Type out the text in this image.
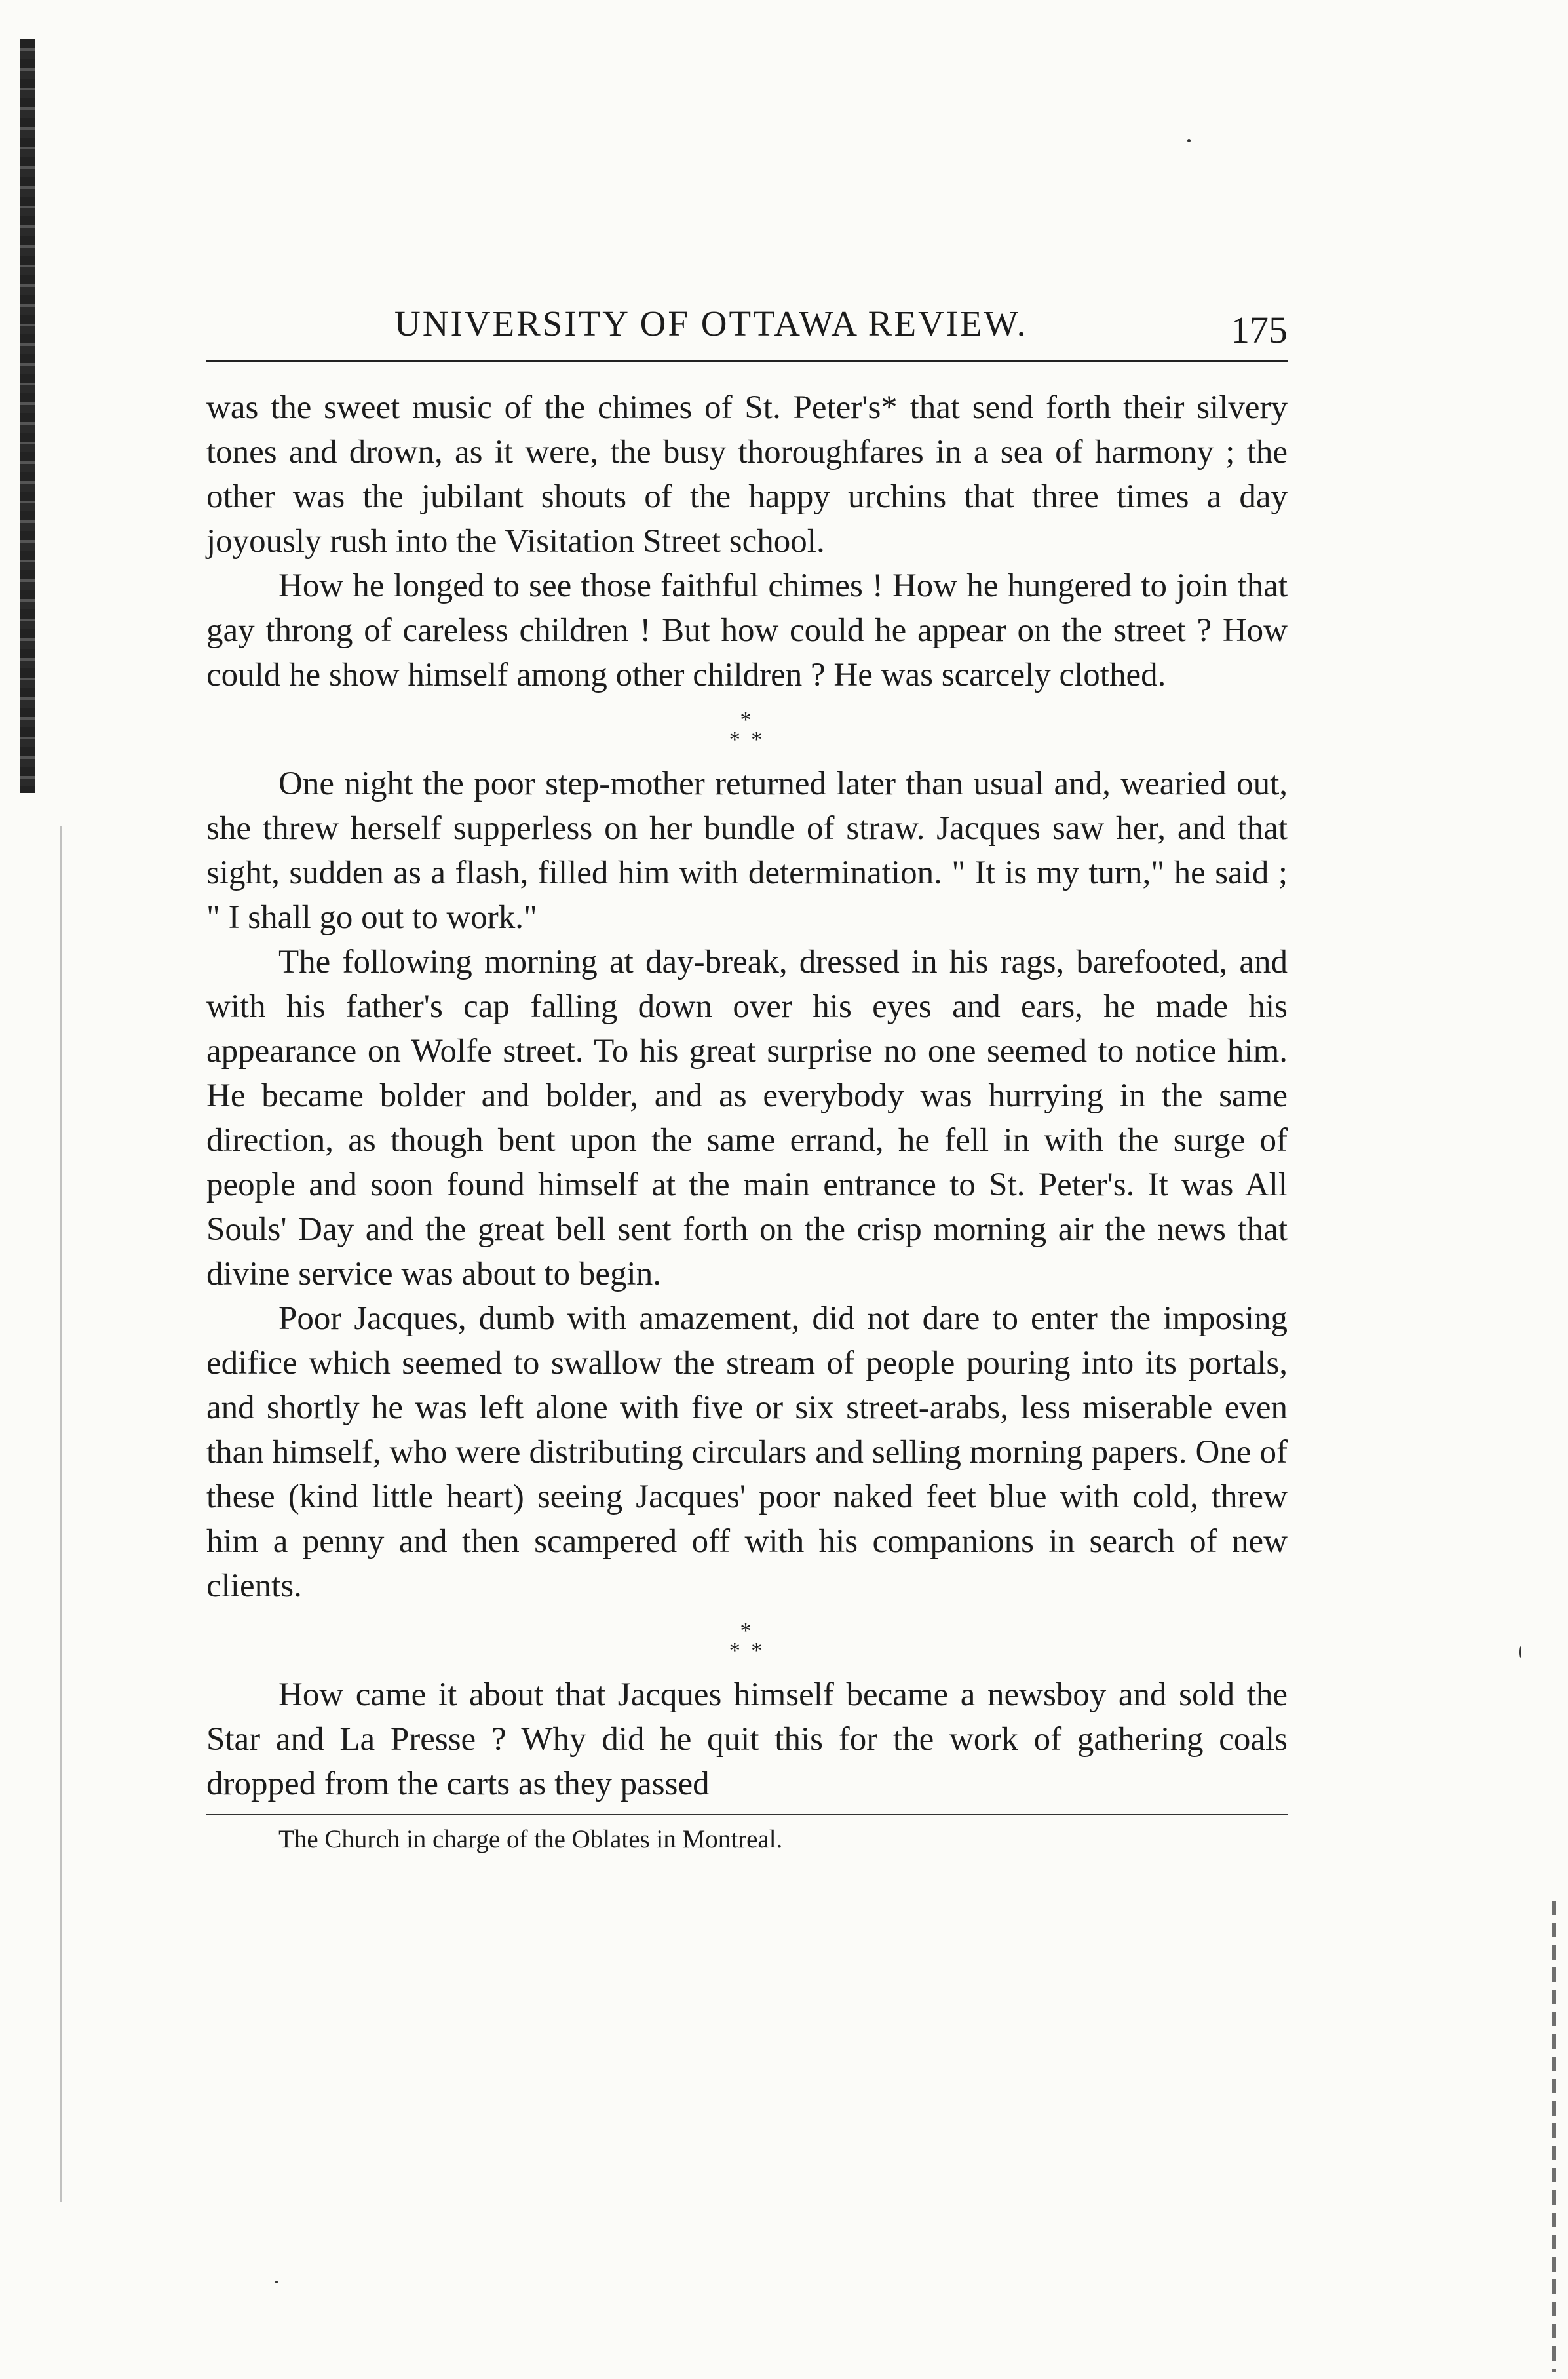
UNIVERSITY OF OTTAWA REVIEW.	175

was the sweet music of the chimes of St. Peter's* that send forth their silvery tones and drown, as it were, the busy thoroughfares in a sea of harmony ; the other was the jubilant shouts of the happy urchins that three times a day joyously rush into the Visitation Street school.

How he longed to see those faithful chimes ! How he hungered to join that gay throng of careless children ! But how could he appear on the street ? How could he show himself among other children ? He was scarcely clothed.

*
* *

One night the poor step-mother returned later than usual and, wearied out, she threw herself supperless on her bundle of straw. Jacques saw her, and that sight, sudden as a flash, filled him with determination. " It is my turn," he said ; " I shall go out to work."

The following morning at day-break, dressed in his rags, barefooted, and with his father's cap falling down over his eyes and ears, he made his appearance on Wolfe street. To his great surprise no one seemed to notice him. He became bolder and bolder, and as everybody was hurrying in the same direction, as though bent upon the same errand, he fell in with the surge of people and soon found himself at the main entrance to St. Peter's. It was All Souls' Day and the great bell sent forth on the crisp morning air the news that divine service was about to begin.

Poor Jacques, dumb with amazement, did not dare to enter the imposing edifice which seemed to swallow the stream of people pouring into its portals, and shortly he was left alone with five or six street-arabs, less miserable even than himself, who were distributing circulars and selling morning papers. One of these (kind little heart) seeing Jacques' poor naked feet blue with cold, threw him a penny and then scampered off with his companions in search of new clients.

*
* *

How came it about that Jacques himself became a newsboy and sold the Star and La Presse ? Why did he quit this for the work of gathering coals dropped from the carts as they passed

The Church in charge of the Oblates in Montreal.
